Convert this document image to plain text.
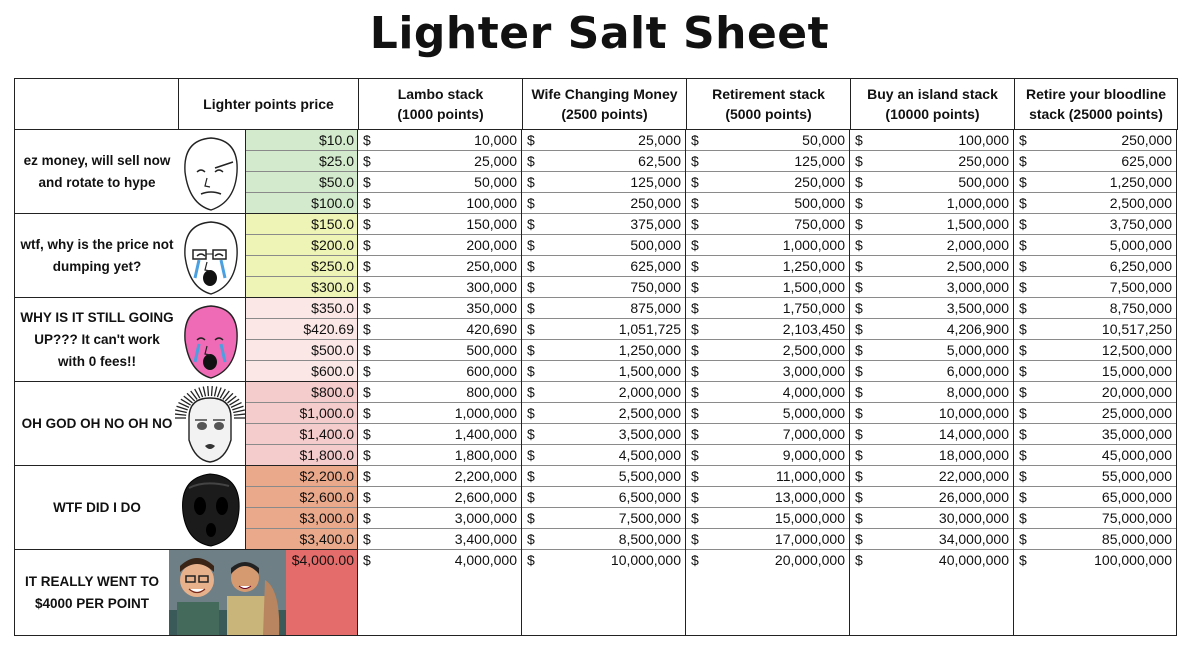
Lighter Salt Sheet
Lighter points price
Lambo stack
(1000 points)
Wife Changing Money
(2500 points)
Retirement stack
(5000 points)
Buy an island stack
(10000 points)
Retire your bloodline
stack (25000 points)
ez money, will sell now and rotate to hype
$10.0 $	10,000 $	25,000 $	50,000 $	100,000 $	250,000
$25.0 $	25,000 $	62,500 $	125,000 $	250,000 $	625,000
$50.0 $	50,000 $	125,000 $	250,000 $	500,000 $	1,250,000
$100.0 $	100,000 $	250,000 $	500,000 $	1,000,000 $	2,500,000
wtf, why is the price not dumping yet?
$150.0 $	150,000 $	375,000 $	750,000 $	1,500,000 $	3,750,000
$200.0 $	200,000 $	500,000 $	1,000,000 $	2,000,000 $	5,000,000
$250.0 $	250,000 $	625,000 $	1,250,000 $	2,500,000 $	6,250,000
$300.0 $	300,000 $	750,000 $	1,500,000 $	3,000,000 $	7,500,000
WHY IS IT STILL GOING UP??? It can't work with 0 fees!!
$350.0 $	350,000 $	875,000 $	1,750,000 $	3,500,000 $	8,750,000
$420.69 $	420,690 $	1,051,725 $	2,103,450 $	4,206,900 $	10,517,250
$500.0 $	500,000 $	1,250,000 $	2,500,000 $	5,000,000 $	12,500,000
$600.0 $	600,000 $	1,500,000 $	3,000,000 $	6,000,000 $	15,000,000
OH GOD OH NO OH NO
$800.0 $	800,000 $	2,000,000 $	4,000,000 $	8,000,000 $	20,000,000
$1,000.0 $	1,000,000 $	2,500,000 $	5,000,000 $	10,000,000 $	25,000,000
$1,400.0 $	1,400,000 $	3,500,000 $	7,000,000 $	14,000,000 $	35,000,000
$1,800.0 $	1,800,000 $	4,500,000 $	9,000,000 $	18,000,000 $	45,000,000
WTF DID I DO
$2,200.0 $	2,200,000 $	5,500,000 $	11,000,000 $	22,000,000 $	55,000,000
$2,600.0 $	2,600,000 $	6,500,000 $	13,000,000 $	26,000,000 $	65,000,000
$3,000.0 $	3,000,000 $	7,500,000 $	15,000,000 $	30,000,000 $	75,000,000
$3,400.0 $	3,400,000 $	8,500,000 $	17,000,000 $	34,000,000 $	85,000,000
IT REALLY WENT TO $4000 PER POINT
$4,000.00 $	4,000,000 $	10,000,000 $	20,000,000 $	40,000,000 $	100,000,000
